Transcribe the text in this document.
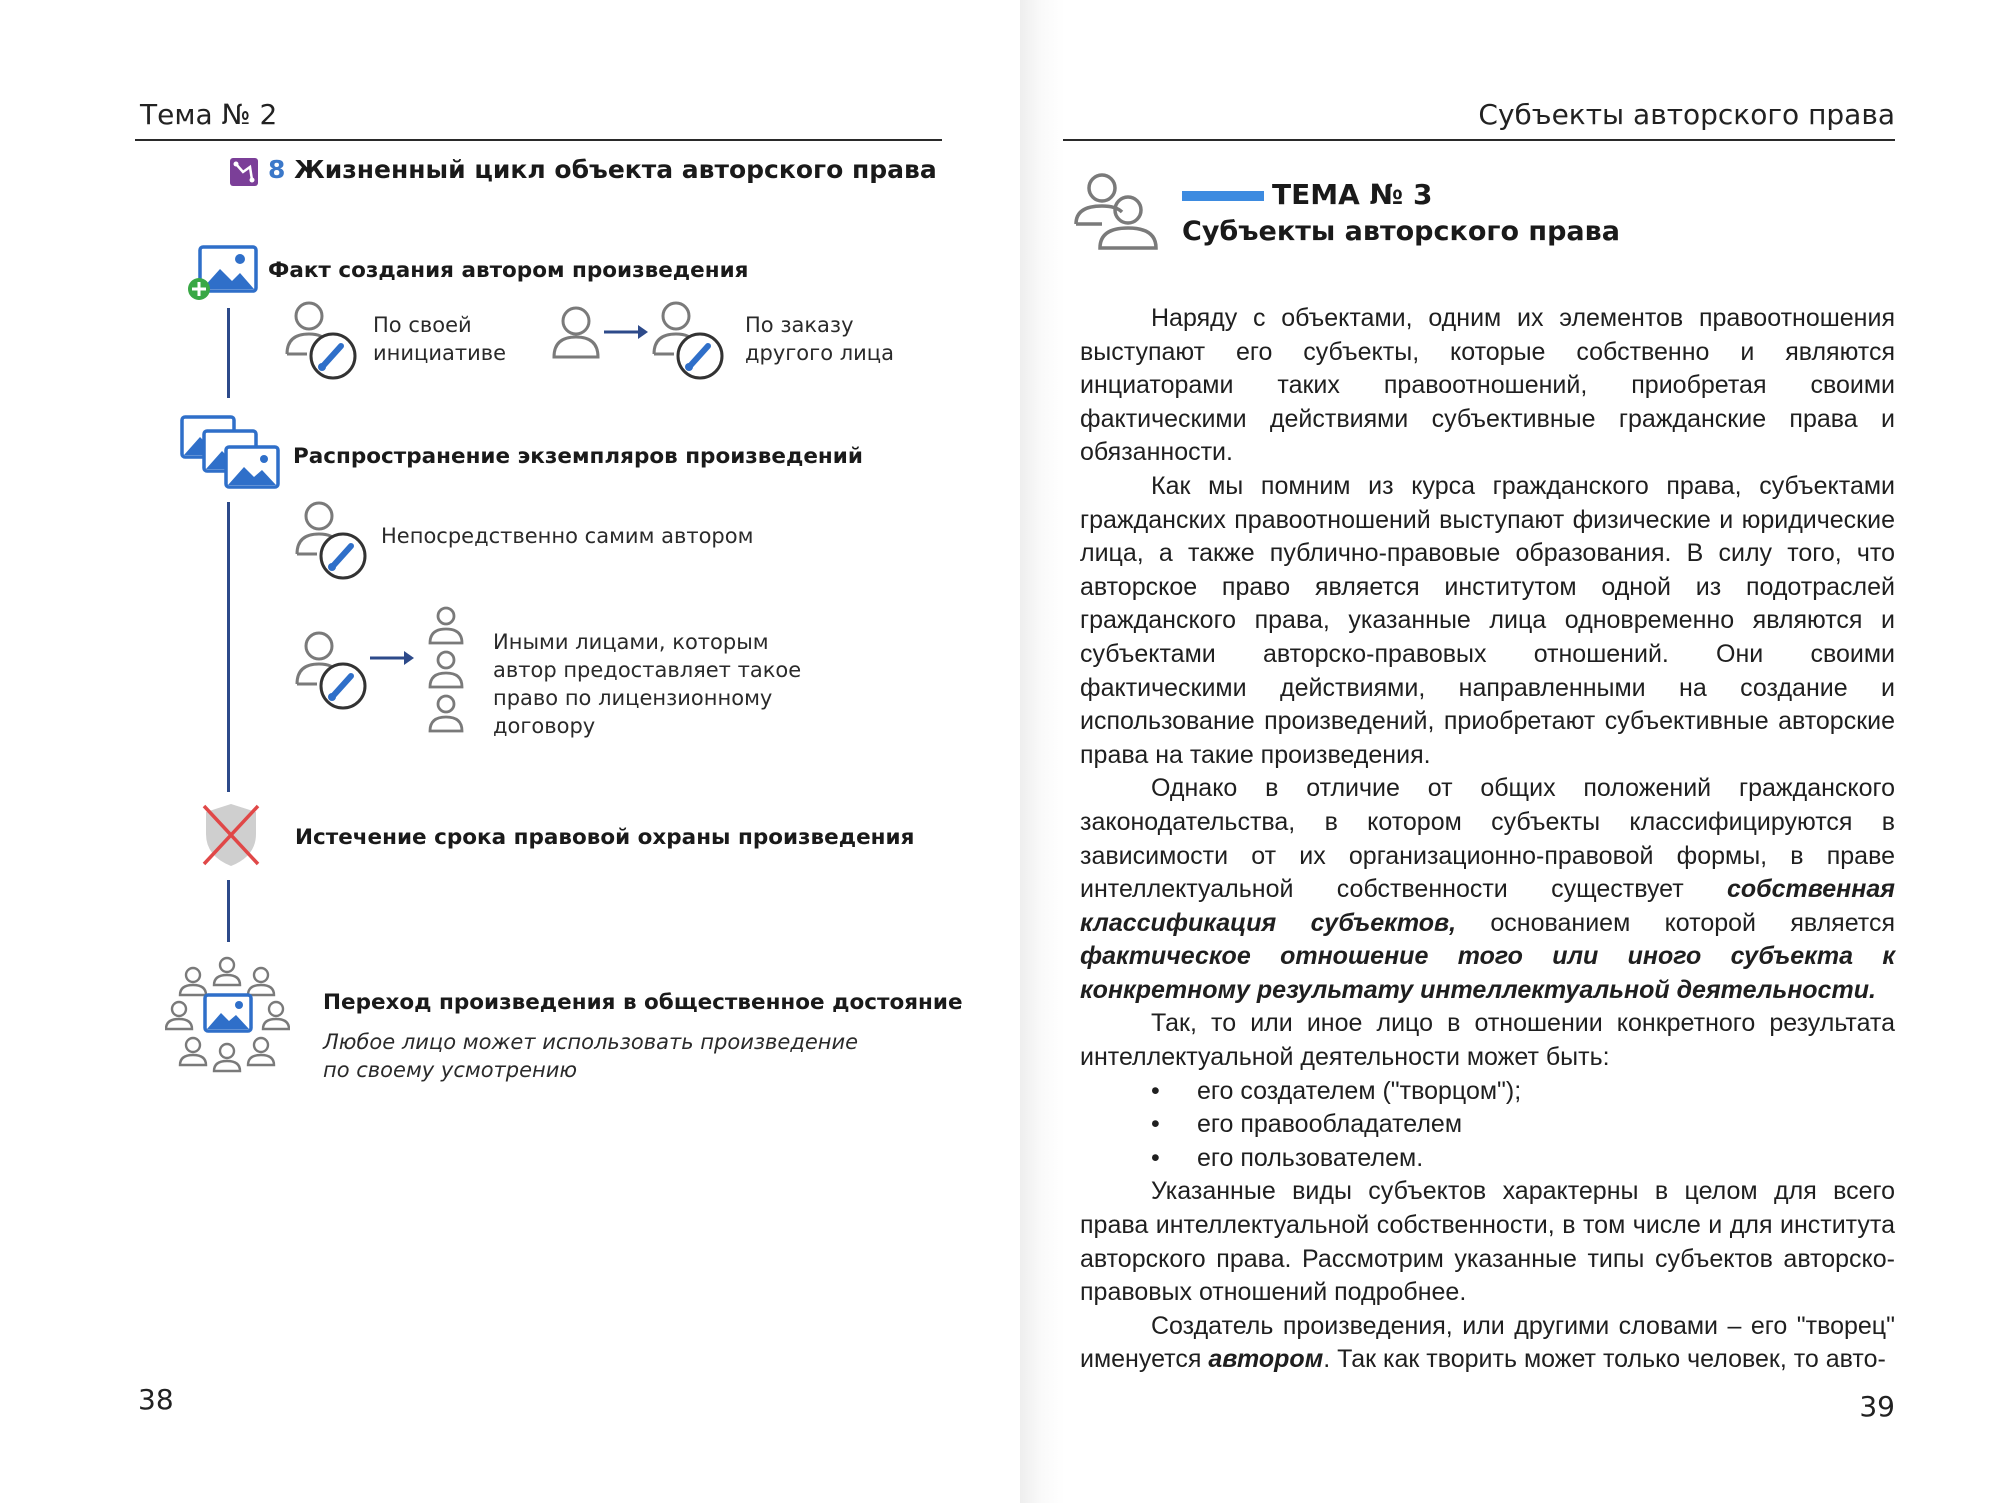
Тема № 2
8 Жизненный цикл объекта авторского права
Факт создания автором произведения
По своей инициативе
По заказу другого лица
Распространение экземпляров произведений
Непосредственно самим автором
Иными лицами, которым автор предоставляет такое право по лицензионному договору
Истечение срока правовой охраны произведения
Переход произведения в общественное достояние
Любое лицо может использовать произведение по своему усмотрению
38
Субъекты авторского права
ТЕМА № 3
Субъекты авторского права

Наряду с объектами, одним их элементов правоотношения выступают его субъекты, которые собственно и являются инциаторами таких правоотношений, приобретая своими фактическими действиями субъективные гражданские права и обязанности.

Как мы помним из курса гражданского права, субъектами гражданских правоотношений выступают физические и юридические лица, а также публично-правовые образования. В силу того, что авторское право является институтом одной из подотраслей гражданского права, указанные лица одновременно являются и субъектами авторско-правовых отношений. Они своими фактическими действиями, направленными на создание и использование произведений, приобретают субъективные авторские права на такие произведения.

Однако в отличие от общих положений гражданского законодательства, в котором субъекты классифицируются в зависимости от их организационно-правовой формы, в праве интеллектуальной собственности существует собственная классификация субъектов, основанием которой является фактическое отношение того или иного субъекта к конкретному результату интеллектуальной деятельности.

Так, то или иное лицо в отношении конкретного результата интеллектуальной деятельности может быть:

• его создателем ("творцом");
• его правообладателем
• его пользователем.

Указанные виды субъектов характерны в целом для всего права интеллектуальной собственности, в том числе и для института авторского права. Рассмотрим указанные типы субъектов авторско-правовых отношений подробнее.

Создатель произведения, или другими словами – его "творец" именуется автором. Так как творить может только человек, то авто-

39
